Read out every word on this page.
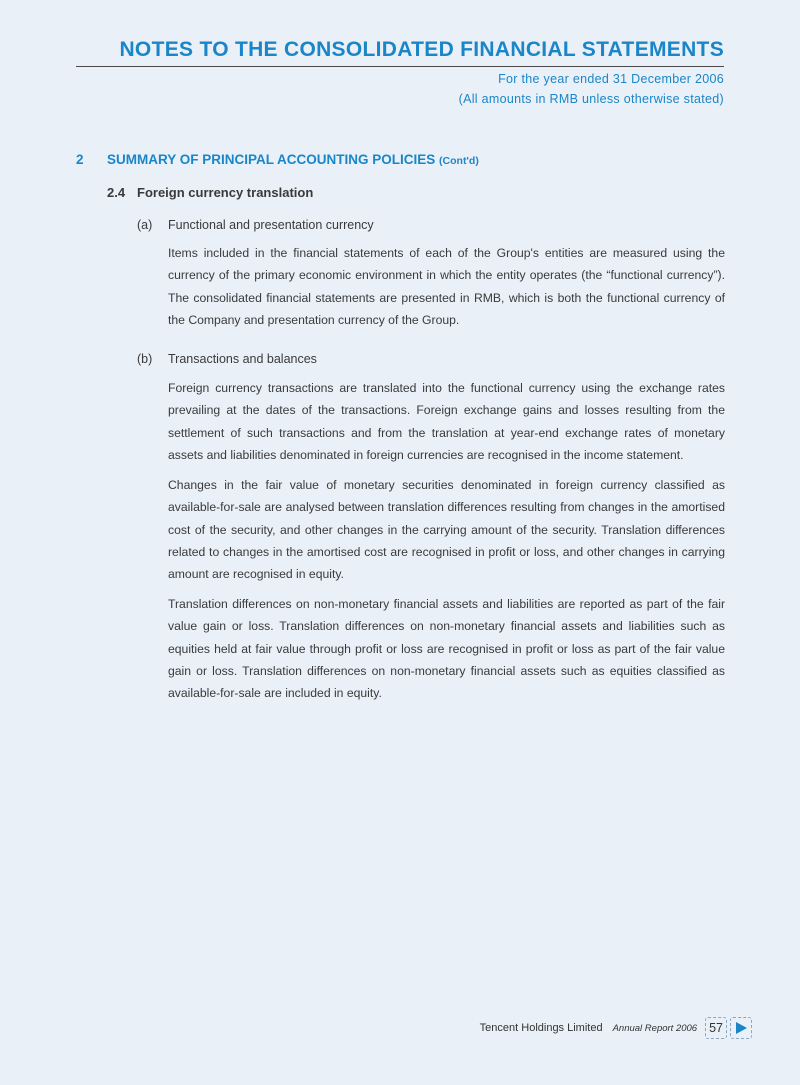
NOTES TO THE CONSOLIDATED FINANCIAL STATEMENTS
For the year ended 31 December 2006
(All amounts in RMB unless otherwise stated)
2 SUMMARY OF PRINCIPAL ACCOUNTING POLICIES (Cont'd)
2.4 Foreign currency translation
(a) Functional and presentation currency

Items included in the financial statements of each of the Group's entities are measured using the currency of the primary economic environment in which the entity operates (the “functional currency”). The consolidated financial statements are presented in RMB, which is both the functional currency of the Company and presentation currency of the Group.

(b) Transactions and balances

Foreign currency transactions are translated into the functional currency using the exchange rates prevailing at the dates of the transactions. Foreign exchange gains and losses resulting from the settlement of such transactions and from the translation at year-end exchange rates of monetary assets and liabilities denominated in foreign currencies are recognised in the income statement.

Changes in the fair value of monetary securities denominated in foreign currency classified as available-for-sale are analysed between translation differences resulting from changes in the amortised cost of the security, and other changes in the carrying amount of the security. Translation differences related to changes in the amortised cost are recognised in profit or loss, and other changes in carrying amount are recognised in equity.

Translation differences on non-monetary financial assets and liabilities are reported as part of the fair value gain or loss. Translation differences on non-monetary financial assets and liabilities such as equities held at fair value through profit or loss are recognised in profit or loss as part of the fair value gain or loss. Translation differences on non-monetary financial assets such as equities classified as available-for-sale are included in equity.

Tencent Holdings Limited Annual Report 2006 57
